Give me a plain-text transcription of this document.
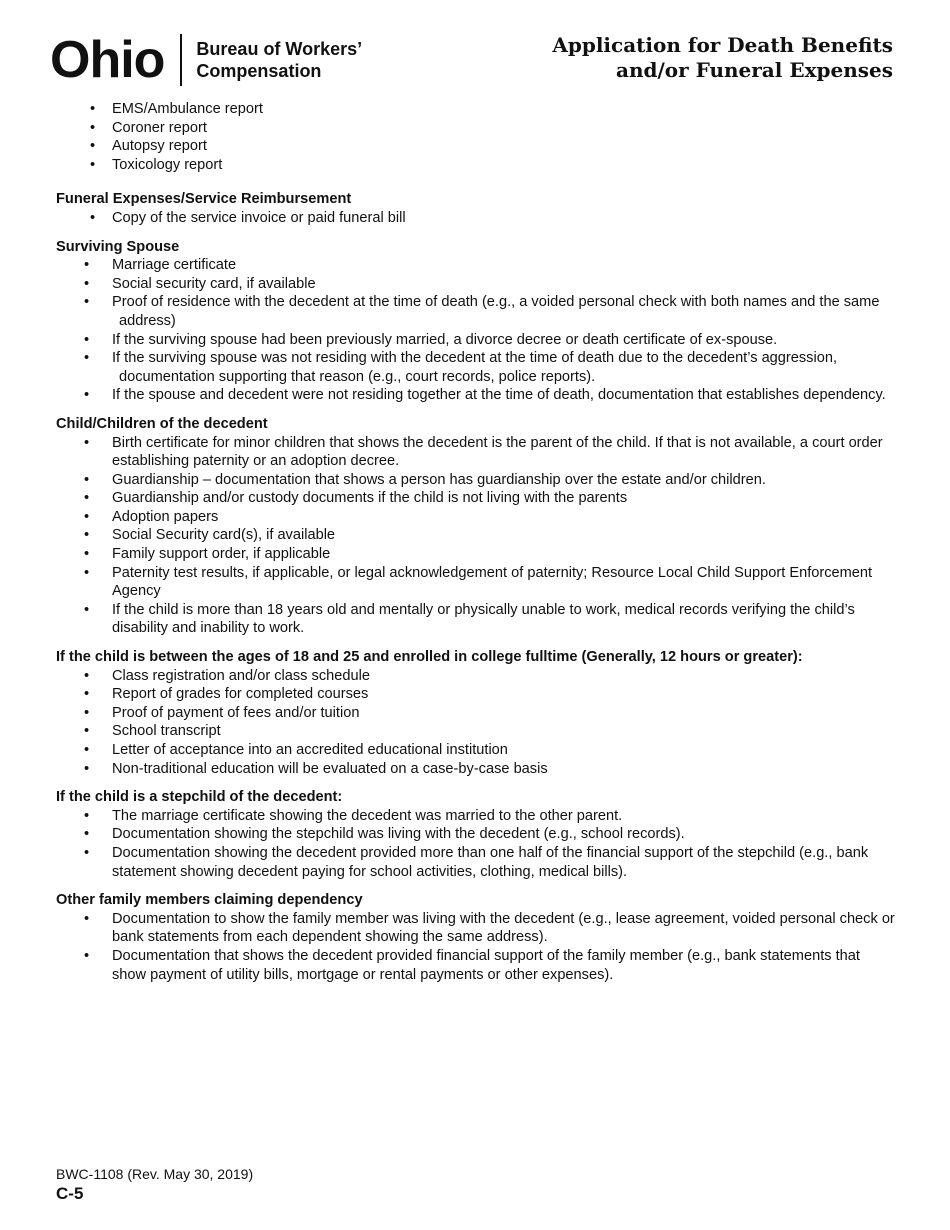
Ohio Bureau of Workers’
Compensation
Application for Death Benefits
and/or Funeral Expenses
• EMS/Ambulance report
• Coroner report
• Autopsy report
• Toxicology report

Funeral Expenses/Service Reimbursement

• Copy of the service invoice or paid funeral bill

Surviving Spouse

• Marriage certificate
• Social security card, if available
• Proof of residence with the decedent at the time of death (e.g., a voided personal check with both names and the same address)
• If the surviving spouse had been previously married, a divorce decree or death certificate of ex-spouse.
• If the surviving spouse was not residing with the decedent at the time of death due to the decedent’s aggression, documentation supporting that reason (e.g., court records, police reports).
• If the spouse and decedent were not residing together at the time of death, documentation that establishes dependency.

Child/Children of the decedent

• Birth certificate for minor children that shows the decedent is the parent of the child. If that is not available, a court order establishing paternity or an adoption decree.
• Guardianship – documentation that shows a person has guardianship over the estate and/or children.
• Guardianship and/or custody documents if the child is not living with the parents
• Adoption papers
• Social Security card(s), if available
• Family support order, if applicable
• Paternity test results, if applicable, or legal acknowledgement of paternity; Resource Local Child Support Enforcement Agency
• If the child is more than 18 years old and mentally or physically unable to work, medical records verifying the child’s disability and inability to work.

If the child is between the ages of 18 and 25 and enrolled in college fulltime (Generally, 12 hours or greater):

• Class registration and/or class schedule
• Report of grades for completed courses
• Proof of payment of fees and/or tuition
• School transcript
• Letter of acceptance into an accredited educational institution
• Non-traditional education will be evaluated on a case-by-case basis

If the child is a stepchild of the decedent:

• The marriage certificate showing the decedent was married to the other parent.
• Documentation showing the stepchild was living with the decedent (e.g., school records).
• Documentation showing the decedent provided more than one half of the financial support of the stepchild (e.g., bank statement showing decedent paying for school activities, clothing, medical bills).

Other family members claiming dependency

• Documentation to show the family member was living with the decedent (e.g., lease agreement, voided personal check or bank statements from each dependent showing the same address).
• Documentation that shows the decedent provided financial support of the family member (e.g., bank statements that show payment of utility bills, mortgage or rental payments or other expenses).
BWC-1108 (Rev. May 30, 2019)
C-5
